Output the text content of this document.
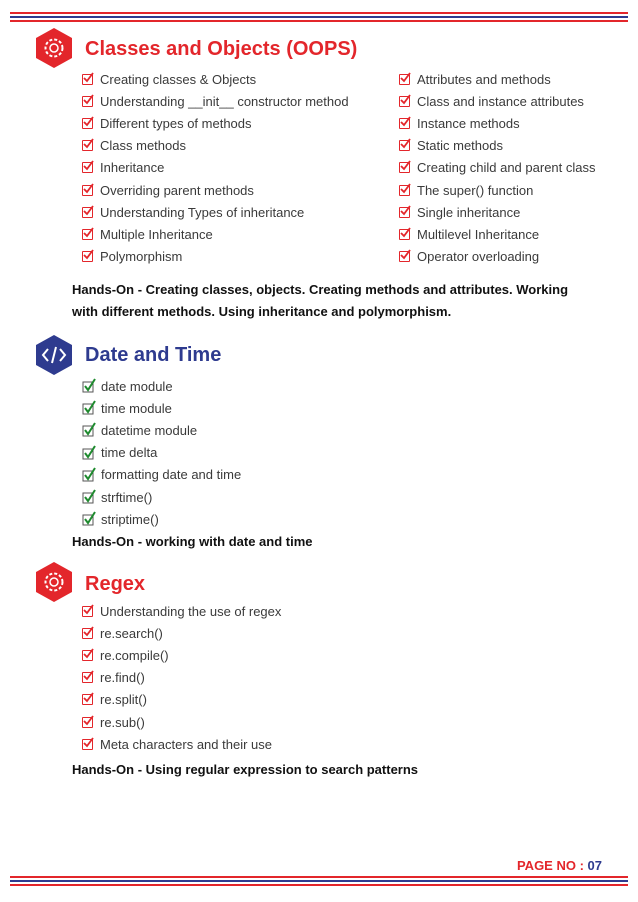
Classes and Objects (OOPS)
Creating classes & Objects
Understanding __init__ constructor method
Different types of methods
Class methods
Inheritance
Overriding parent methods
Understanding Types of inheritance
Multiple Inheritance
Polymorphism
Attributes and methods
Class and instance attributes
Instance methods
Static methods
Creating child and parent class
The super() function
Single inheritance
Multilevel Inheritance
Operator overloading

Hands-On - Creating classes, objects. Creating methods and attributes. Working with different methods. Using inheritance and polymorphism.

Date and Time
date module
time module
datetime module
time delta
formatting date and time
strftime()
striptime()

Hands-On - working with date and time

Regex
Understanding the use of regex
re.search()
re.compile()
re.find()
re.split()
re.sub()
Meta characters and their use

Hands-On - Using regular expression to search patterns

PAGE NO : 07
